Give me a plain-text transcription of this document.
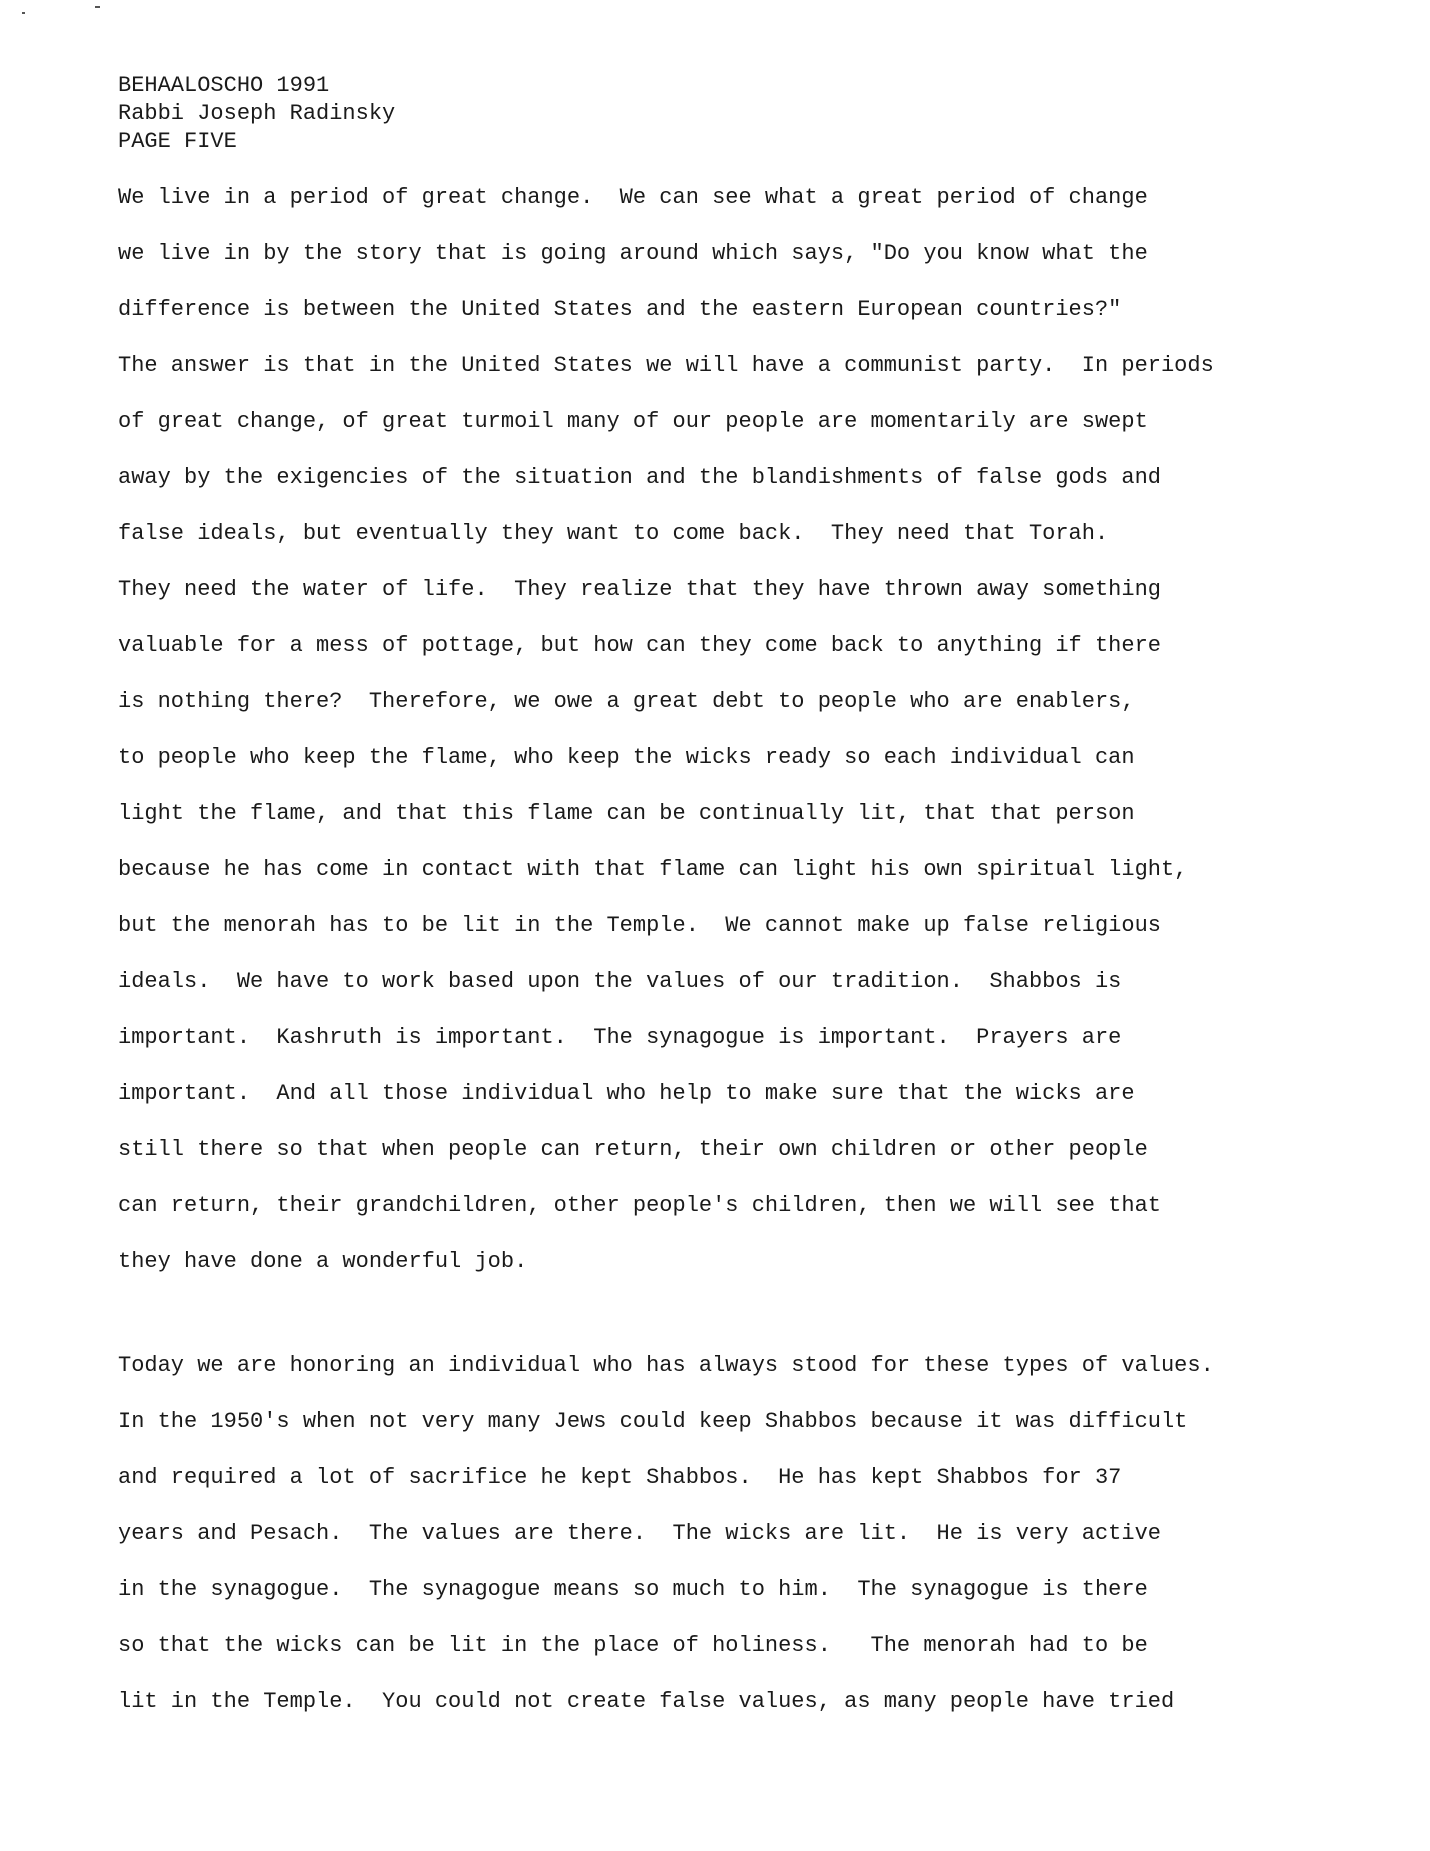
BEHAALOSCHO 1991
Rabbi Joseph Radinsky
PAGE FIVE
We live in a period of great change.  We can see what a great period of change
we live in by the story that is going around which says, "Do you know what the
difference is between the United States and the eastern European countries?"
The answer is that in the United States we will have a communist party.  In periods
of great change, of great turmoil many of our people are momentarily are swept
away by the exigencies of the situation and the blandishments of false gods and
false ideals, but eventually they want to come back.  They need that Torah.
They need the water of life.  They realize that they have thrown away something
valuable for a mess of pottage, but how can they come back to anything if there
is nothing there?  Therefore, we owe a great debt to people who are enablers,
to people who keep the flame, who keep the wicks ready so each individual can
light the flame, and that this flame can be continually lit, that that person
because he has come in contact with that flame can light his own spiritual light,
but the menorah has to be lit in the Temple.  We cannot make up false religious
ideals.  We have to work based upon the values of our tradition.  Shabbos is
important.  Kashruth is important.  The synagogue is important.  Prayers are
important.  And all those individual who help to make sure that the wicks are
still there so that when people can return, their own children or other people
can return, their grandchildren, other people's children, then we will see that
they have done a wonderful job.
Today we are honoring an individual who has always stood for these types of values.
In the 1950's when not very many Jews could keep Shabbos because it was difficult
and required a lot of sacrifice he kept Shabbos.  He has kept Shabbos for 37
years and Pesach.  The values are there.  The wicks are lit.  He is very active
in the synagogue.  The synagogue means so much to him.  The synagogue is there
so that the wicks can be lit in the place of holiness.   The menorah had to be
lit in the Temple.  You could not create false values, as many people have tried
